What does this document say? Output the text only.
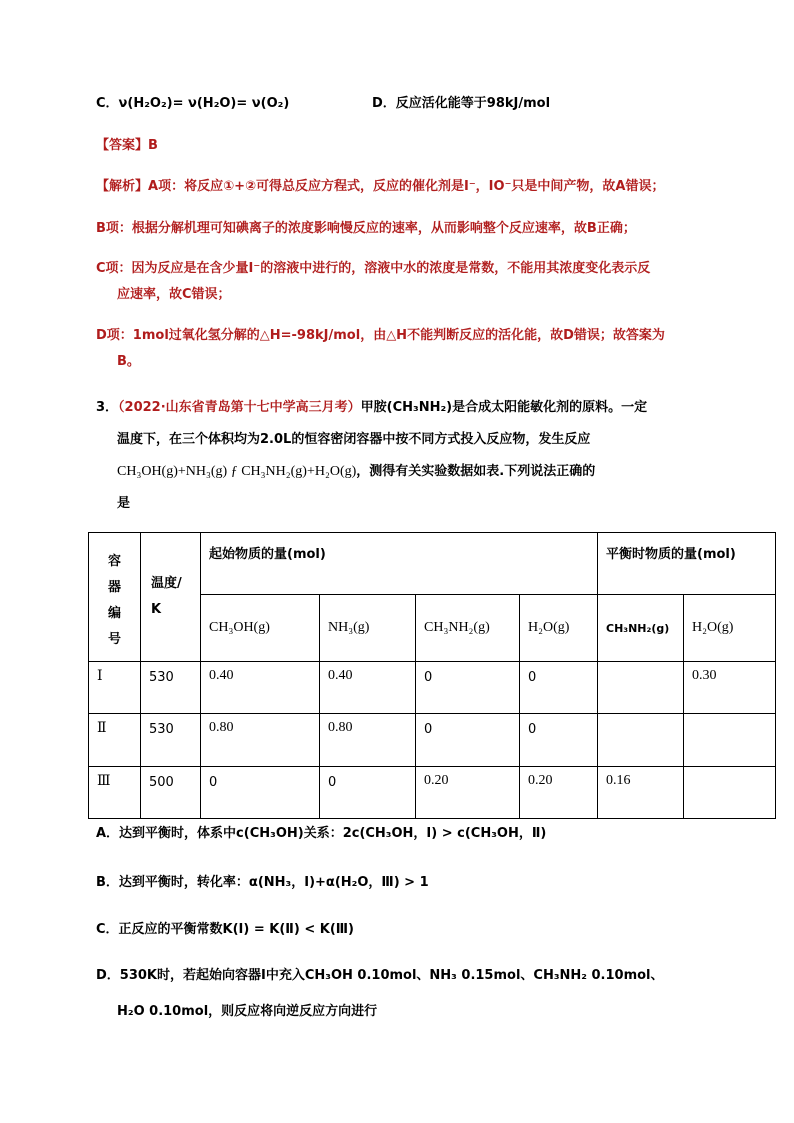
C．ν(H₂O₂)= ν(H₂O)= ν(O₂)	D．反应活化能等于98kJ/mol
【答案】B
【解析】A项：将反应①+②可得总反应方程式，反应的催化剂是I⁻，IO⁻只是中间产物，故A错误；
B项：根据分解机理可知碘离子的浓度影响慢反应的速率，从而影响整个反应速率，故B正确；
C项：因为反应是在含少量I⁻的溶液中进行的，溶液中水的浓度是常数，不能用其浓度变化表示反
应速率，故C错误；
D项：1mol过氧化氢分解的△H=-98kJ/mol，由△H不能判断反应的活化能，故D错误；故答案为
B。
3．（2022·山东省青岛第十七中学高三月考）甲胺(CH₃NH₂)是合成太阳能敏化剂的原料。一定
温度下，在三个体积均为2.0L的恒容密闭容器中按不同方式投入反应物，发生反应
CH₃OH(g)+NH₃(g) ƒ CH₃NH₂(g)+H₂O(g)，测得有关实验数据如表.下列说法正确的
是
容器编号	温度/K	起始物质的量(mol)				平衡时物质的量(mol)	
		CH₃OH(g)	NH₃(g)	CH₃NH₂(g)	H₂O(g)	CH₃NH₂(g)	H₂O(g)
Ⅰ	530	0.40	0.40	0	0		0.30
Ⅱ	530	0.80	0.80	0	0		
Ⅲ	500	0	0	0.20	0.20	0.16	
A．达到平衡时，体系中c(CH₃OH)关系：2c(CH₃OH，Ⅰ) > c(CH₃OH，Ⅱ)
B．达到平衡时，转化率：α(NH₃，Ⅰ)+α(H₂O，Ⅲ) > 1
C．正反应的平衡常数K(Ⅰ) = K(Ⅱ) < K(Ⅲ)
D．530K时，若起始向容器Ⅰ中充入CH₃OH 0.10mol、NH₃ 0.15mol、CH₃NH₂ 0.10mol、
H₂O 0.10mol，则反应将向逆反应方向进行
